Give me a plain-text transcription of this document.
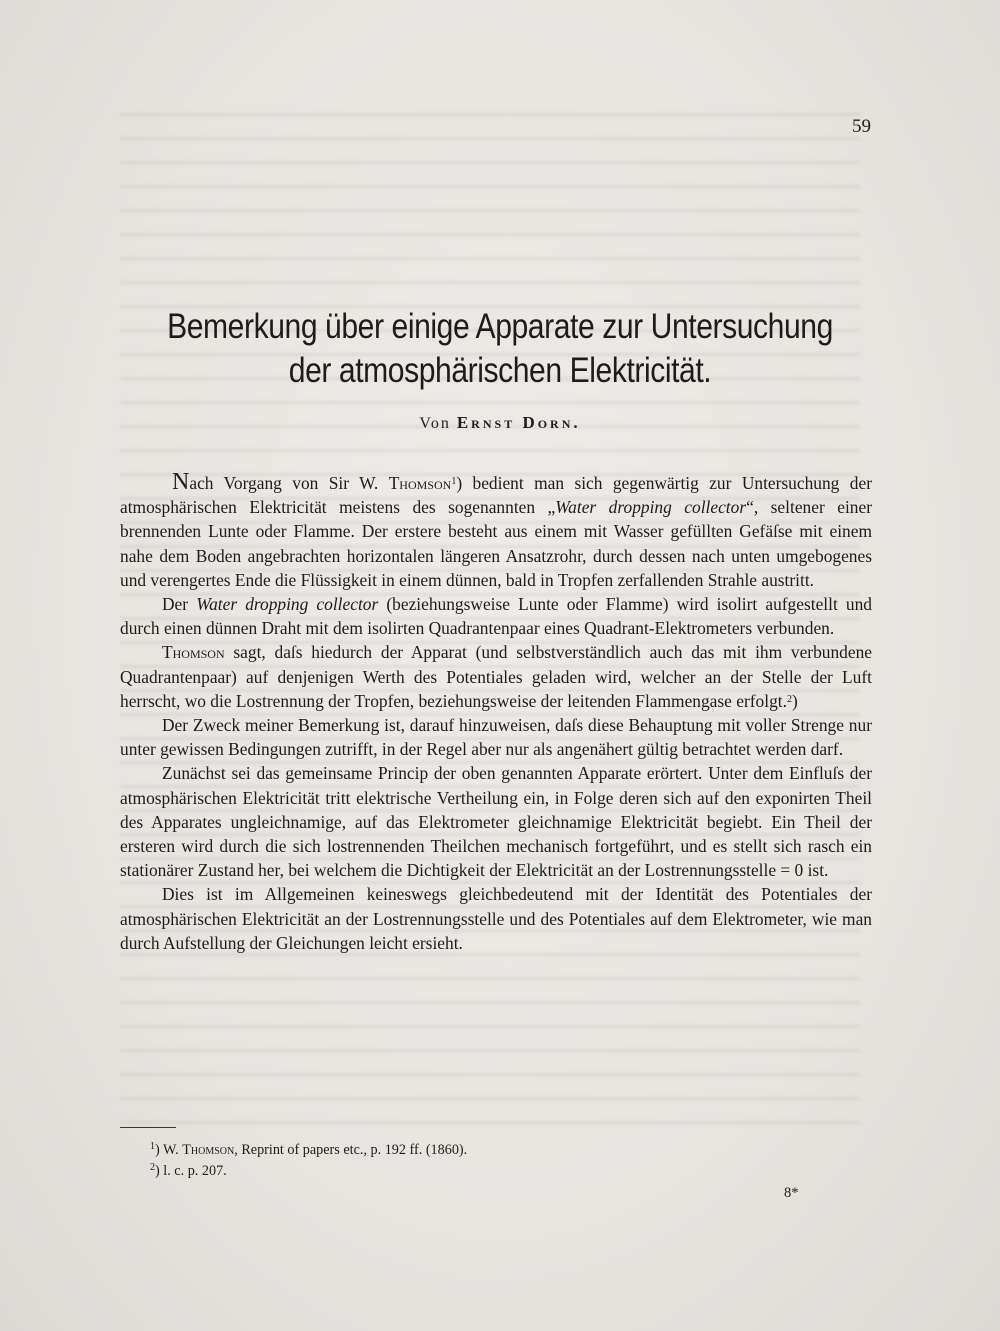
59
Bemerkung über einige Apparate zur Untersuchung
der atmosphärischen Elektricität.
Von Ernst Dorn.

Nach Vorgang von Sir W. Thomson$^1$) bedient man sich gegenwärtig zur Untersuchung der atmosphärischen Elektricität meistens des sogenannten „Water dropping collector“, seltener einer brennenden Lunte oder Flamme. Der erstere besteht aus einem mit Wasser gefüllten Gefäſse mit einem nahe dem Boden angebrachten horizontalen längeren Ansatzrohr, durch dessen nach unten umgebogenes und verengertes Ende die Flüssigkeit in einem dünnen, bald in Tropfen zerfallenden Strahle austritt.

Der Water dropping collector (beziehungsweise Lunte oder Flamme) wird isolirt aufgestellt und durch einen dünnen Draht mit dem isolirten Quadrantenpaar eines Quadrant-Elektrometers verbunden.

Thomson sagt, daſs hiedurch der Apparat (und selbstverständlich auch das mit ihm verbundene Quadrantenpaar) auf denjenigen Werth des Potentiales geladen wird, welcher an der Stelle der Luft herrscht, wo die Lostrennung der Tropfen, beziehungsweise der leitenden Flammengase erfolgt.$^2$)

Der Zweck meiner Bemerkung ist, darauf hinzuweisen, daſs diese Behauptung mit voller Strenge nur unter gewissen Bedingungen zutrifft, in der Regel aber nur als angenähert gültig betrachtet werden darf.

Zunächst sei das gemeinsame Princip der oben genannten Apparate erörtert. Unter dem Einfluſs der atmosphärischen Elektricität tritt elektrische Vertheilung ein, in Folge deren sich auf den exponirten Theil des Apparates ungleichnamige, auf das Elektrometer gleichnamige Elektricität begiebt. Ein Theil der ersteren wird durch die sich lostrennenden Theilchen mechanisch fortgeführt, und es stellt sich rasch ein stationärer Zustand her, bei welchem die Dichtigkeit der Elektricität an der Lostrennungsstelle = 0 ist.

Dies ist im Allgemeinen keineswegs gleichbedeutend mit der Identität des Potentiales der atmosphärischen Elektricität an der Lostrennungsstelle und des Potentiales auf dem Elektrometer, wie man durch Aufstellung der Gleichungen leicht ersieht.

$^1$) W. Thomson, Reprint of papers etc., p. 192 ff. (1860).
$^2$) l. c. p. 207.
8*
